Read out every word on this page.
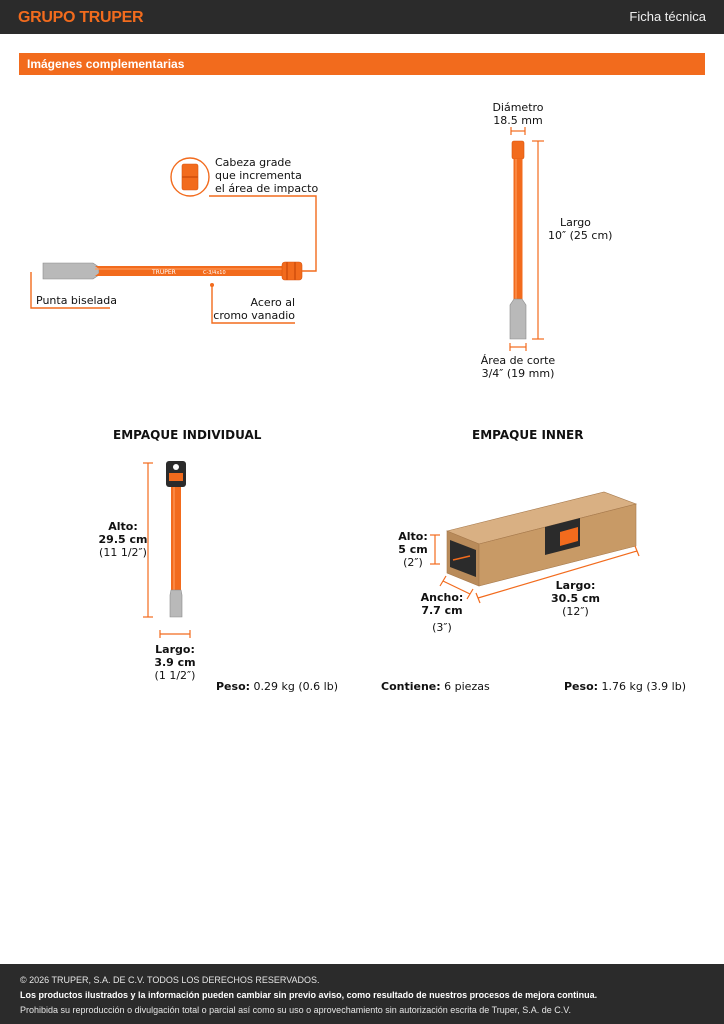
GRUPO TRUPER	Ficha técnica
Imágenes complementarias
TRUPER	C-3/4x10
Cabeza grade
que incrementa
el área de impacto
Punta biselada	Acero al
cromo vanadio
Diámetro
18.5 mm
Largo
10″ (25 cm)
Área de corte
3/4″ (19 mm)
EMPAQUE INDIVIDUAL
Alto:
29.5 cm
(11 1/2″)
Largo:
3.9 cm
(1 1/2″)
Peso: 0.29 kg (0.6 lb)
EMPAQUE INNER
Alto:
5 cm
(2″)
Ancho:
7.7 cm
(3″)
Largo:
30.5 cm
(12″)
Contiene: 6 piezas	Peso: 1.76 kg (3.9 lb)
© 2026 TRUPER, S.A. DE C.V. TODOS LOS DERECHOS RESERVADOS.
Los productos ilustrados y la información pueden cambiar sin previo aviso, como resultado de nuestros procesos de mejora continua.
Prohibida su reproducción o divulgación total o parcial así como su uso o aprovechamiento sin autorización escrita de Truper, S.A. de C.V.
